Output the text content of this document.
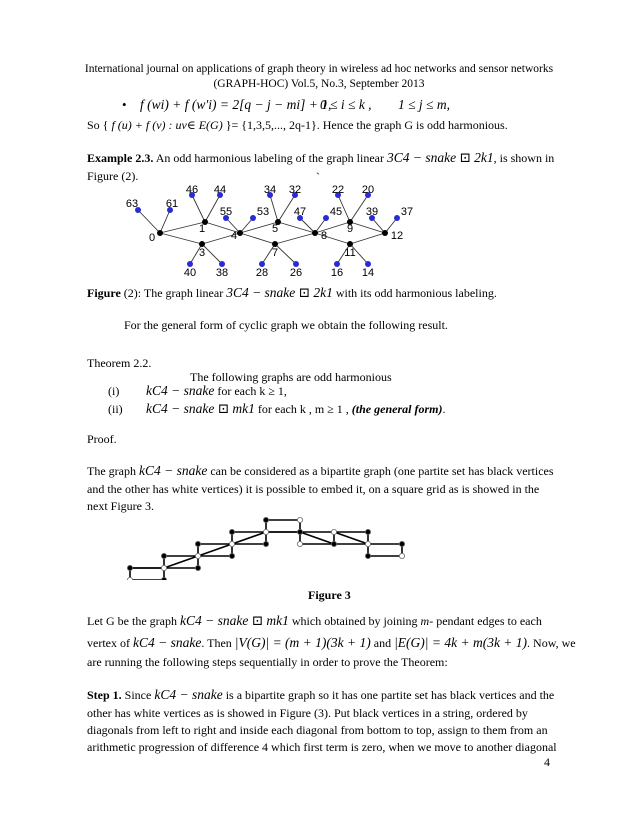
International journal on applications of graph theory in wireless ad hoc networks and sensor networks
(GRAPH-HOC) Vol.5, No.3, September 2013
• f (wi) + f (w′i) = 2[q − j − mi] + 1,
0 ≤ i ≤ k , 1 ≤ j ≤ m,
So { f (u) + f (v) : uv∈ E(G) }= {1,3,5,..., 2q-1}. Hence the graph G is odd harmonious.
Example 2.3. An odd harmonious labeling of the graph linear 3C4 − snake ⊡ 2k1, is shown in
Figure (2).	`
63	61
46 44	34 32	22 20
55 53 47 45 39 37
40 38	28 26	16 14
0
1
4
5
8
9
12
3	7	11
Figure (2): The graph linear 3C4 − snake ⊡ 2k1 with its odd harmonious labeling.
For the general form of cyclic graph we obtain the following result.
Theorem 2.2.
The following graphs are odd harmonious
(i) kC4 − snake for each k ≥ 1,
(ii) kC4 − snake ⊡ mk1 for each k , m ≥ 1 , (the general form).
Proof.
The graph kC4 − snake can be considered as a bipartite graph (one partite set has black vertices
and the other has white vertices) it is possible to embed it, on a square grid as is showed in the
next Figure 3.
Figure 3
Let G be the graph kC4 − snake ⊡ mk1 which obtained by joining m- pendant edges to each
vertex of kC4 − snake. Then |V(G)| = (m + 1)(3k + 1) and |E(G)| = 4k + m(3k + 1). Now, we
are running the following steps sequentially in order to prove the Theorem:
Step 1. Since kC4 − snake is a bipartite graph so it has one partite set has black vertices and the
other has white vertices as is showed in Figure (3). Put black vertices in a string, ordered by
diagonals from left to right and inside each diagonal from bottom to top, assign to them from an
arithmetic progression of difference 4 which first term is zero, when we move to another diagonal
4
